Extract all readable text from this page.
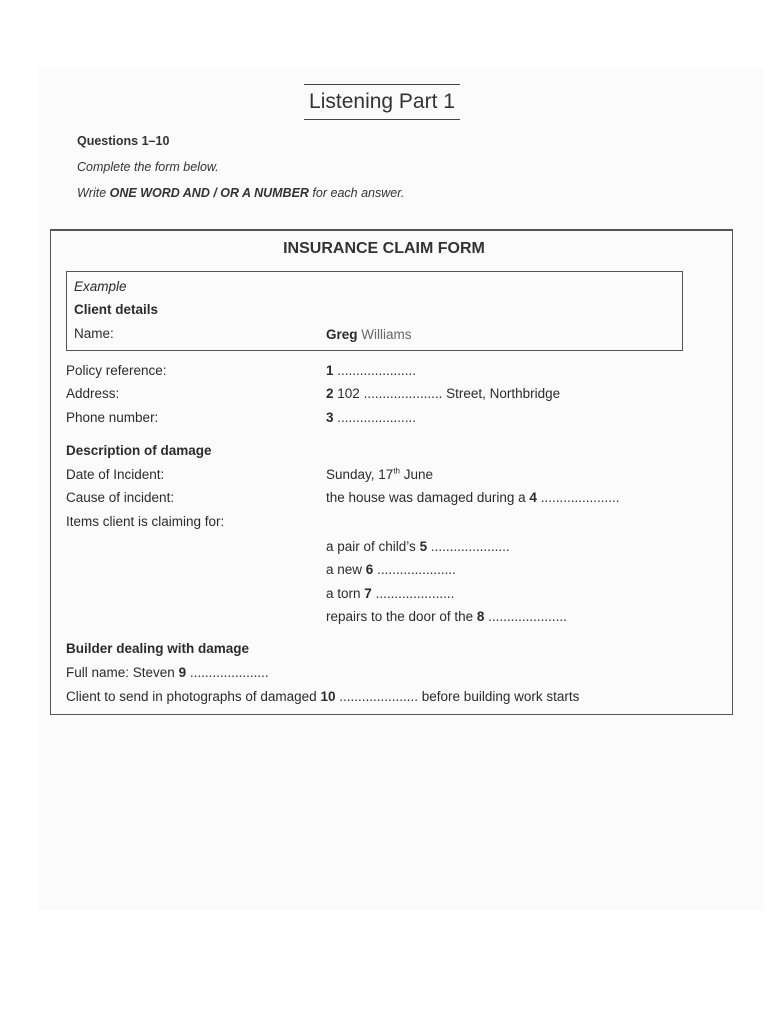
Listening Part 1
Questions 1–10
Complete the form below.
Write ONE WORD AND / OR A NUMBER for each answer.
INSURANCE CLAIM FORM
Example
Client details
Name:	Greg Williams
Policy reference:	1 .....................
Address:	2 102 ..................... Street, Northbridge
Phone number:	3 .....................
Description of damage
Date of Incident:	Sunday, 17th June
Cause of incident:	the house was damaged during a 4 .....................
Items client is claiming for:
a pair of child’s 5 .....................
a new 6 .....................
a torn 7 .....................
repairs to the door of the 8 .....................
Builder dealing with damage
Full name: Steven 9 .....................
Client to send in photographs of damaged 10 ..................... before building work starts
